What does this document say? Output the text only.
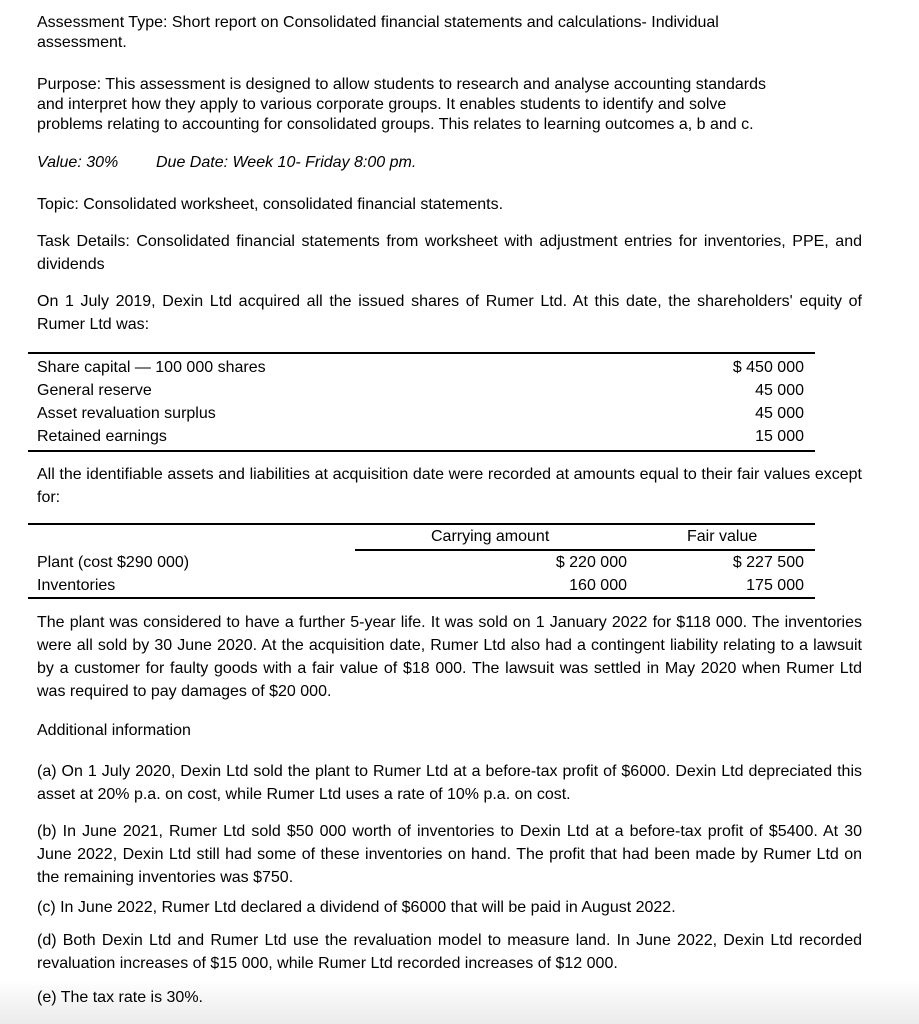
Assessment Type: Short report on Consolidated financial statements and calculations- Individual
assessment.
Purpose: This assessment is designed to allow students to research and analyse accounting standards
and interpret how they apply to various corporate groups. It enables students to identify and solve
problems relating to accounting for consolidated groups. This relates to learning outcomes a, b and c.
Value: 30% Due Date: Week 10- Friday 8:00 pm.
Topic: Consolidated worksheet, consolidated financial statements.
Task Details: Consolidated financial statements from worksheet with adjustment entries for inventories, PPE, and dividends
On 1 July 2019, Dexin Ltd acquired all the issued shares of Rumer Ltd. At this date, the shareholders' equity of Rumer Ltd was:
Share capital — 100 000 shares	$ 450 000
General reserve	45 000
Asset revaluation surplus	45 000
Retained earnings	15 000
All the identifiable assets and liabilities at acquisition date were recorded at amounts equal to their fair values except for:
Carrying amount	Fair value
Plant (cost $290 000)	$ 220 000	$ 227 500
Inventories	160 000	175 000
The plant was considered to have a further 5-year life. It was sold on 1 January 2022 for $118 000. The inventories were all sold by 30 June 2020. At the acquisition date, Rumer Ltd also had a contingent liability relating to a lawsuit by a customer for faulty goods with a fair value of $18 000. The lawsuit was settled in May 2020 when Rumer Ltd was required to pay damages of $20 000.
Additional information
(a) On 1 July 2020, Dexin Ltd sold the plant to Rumer Ltd at a before-tax profit of $6000. Dexin Ltd depreciated this asset at 20% p.a. on cost, while Rumer Ltd uses a rate of 10% p.a. on cost.
(b) In June 2021, Rumer Ltd sold $50 000 worth of inventories to Dexin Ltd at a before-tax profit of $5400. At 30 June 2022, Dexin Ltd still had some of these inventories on hand. The profit that had been made by Rumer Ltd on the remaining inventories was $750.
(c) In June 2022, Rumer Ltd declared a dividend of $6000 that will be paid in August 2022.
(d) Both Dexin Ltd and Rumer Ltd use the revaluation model to measure land. In June 2022, Dexin Ltd recorded revaluation increases of $15 000, while Rumer Ltd recorded increases of $12 000.
(e) The tax rate is 30%.
